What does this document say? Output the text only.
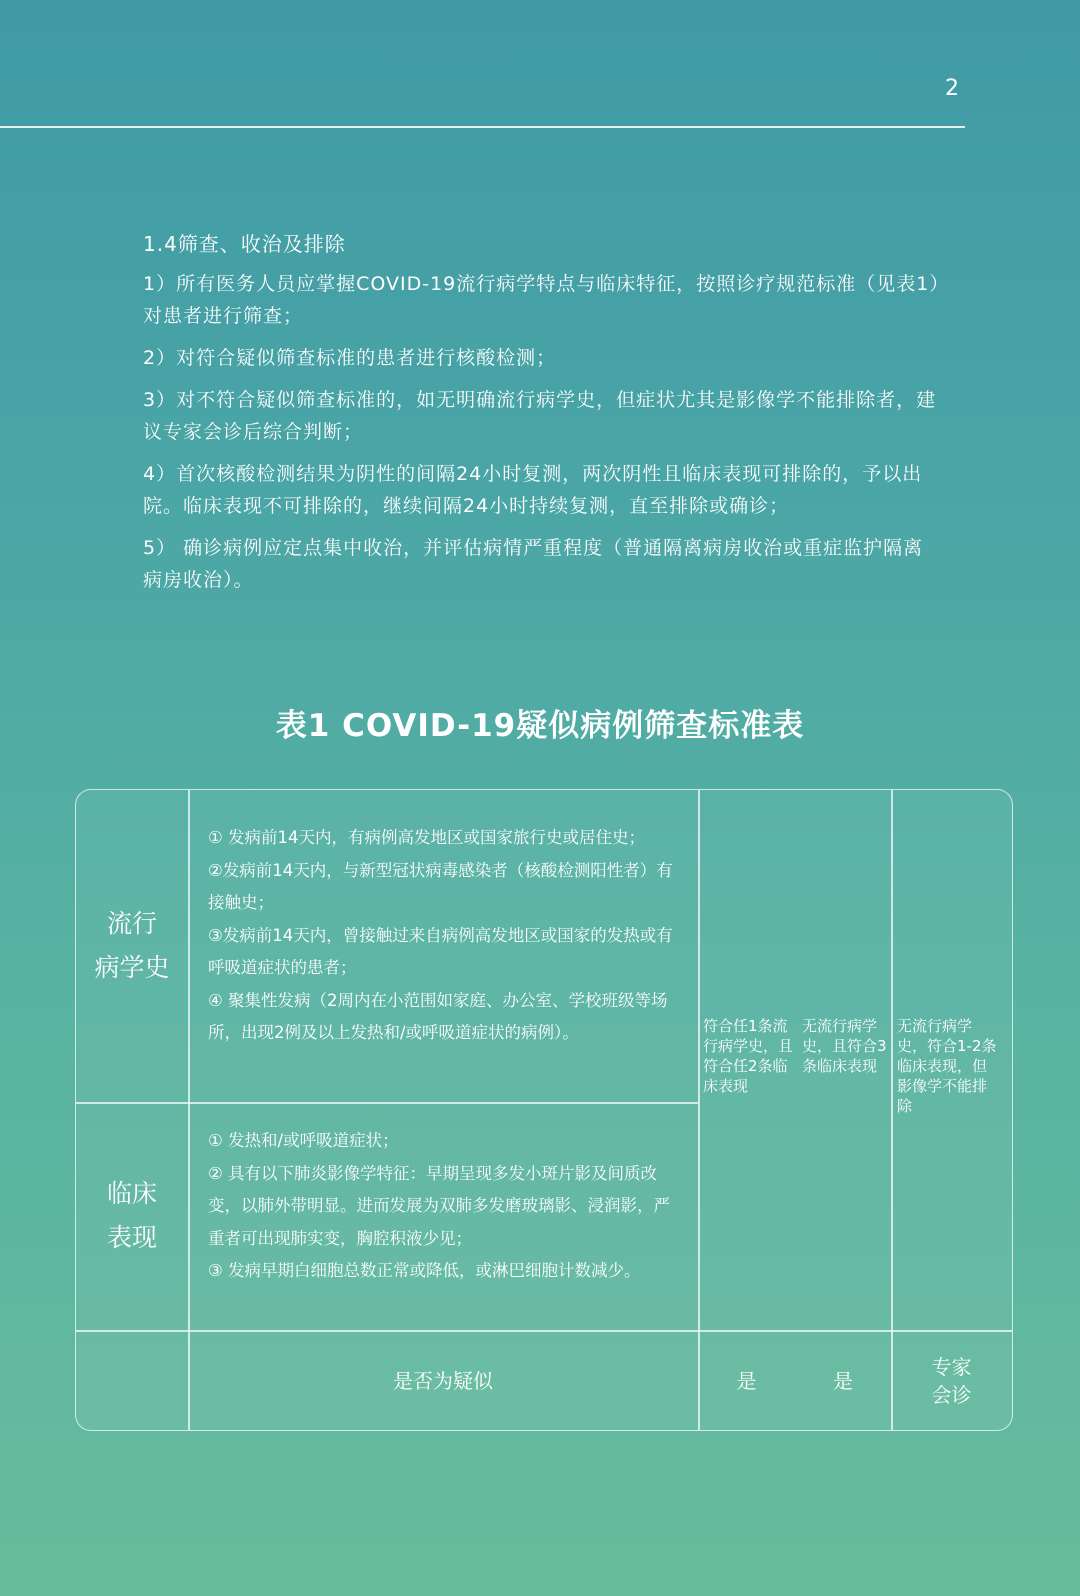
2
1.4筛查、收治及排除

1）所有医务人员应掌握COVID-19流行病学特点与临床特征，按照诊疗规范标准（见表1）对患者进行筛查；

2）对符合疑似筛查标准的患者进行核酸检测；

3）对不符合疑似筛查标准的，如无明确流行病学史，但症状尤其是影像学不能排除者，建议专家会诊后综合判断；

4）首次核酸检测结果为阴性的间隔24小时复测，两次阴性且临床表现可排除的，予以出院。临床表现不可排除的，继续间隔24小时持续复测，直至排除或确诊；

5） 确诊病例应定点集中收治，并评估病情严重程度（普通隔离病房收治或重症监护隔离病房收治）。

表1 COVID-19疑似病例筛查标准表
流行
病学史

① 发病前14天内，有病例高发地区或国家旅行史或居住史；

②发病前14天内，与新型冠状病毒感染者（核酸检测阳性者）有接触史；

③发病前14天内，曾接触过来自病例高发地区或国家的发热或有呼吸道症状的患者；

④ 聚集性发病（2周内在小范围如家庭、办公室、学校班级等场所，出现2例及以上发热和/或呼吸道症状的病例）。

临床
表现

① 发热和/或呼吸道症状；

② 具有以下肺炎影像学特征：早期呈现多发小斑片影及间质改变，以肺外带明显。进而发展为双肺多发磨玻璃影、浸润影，严重者可出现肺实变，胸腔积液少见；

③ 发病早期白细胞总数正常或降低，或淋巴细胞计数减少。

符合任1条流行病学史，且符合任2条临床表现
无流行病学史，且符合3条临床表现
无流行病学史，符合1-2条临床表现，但影像学不能排除
是否为疑似	是	是
专家
会诊
